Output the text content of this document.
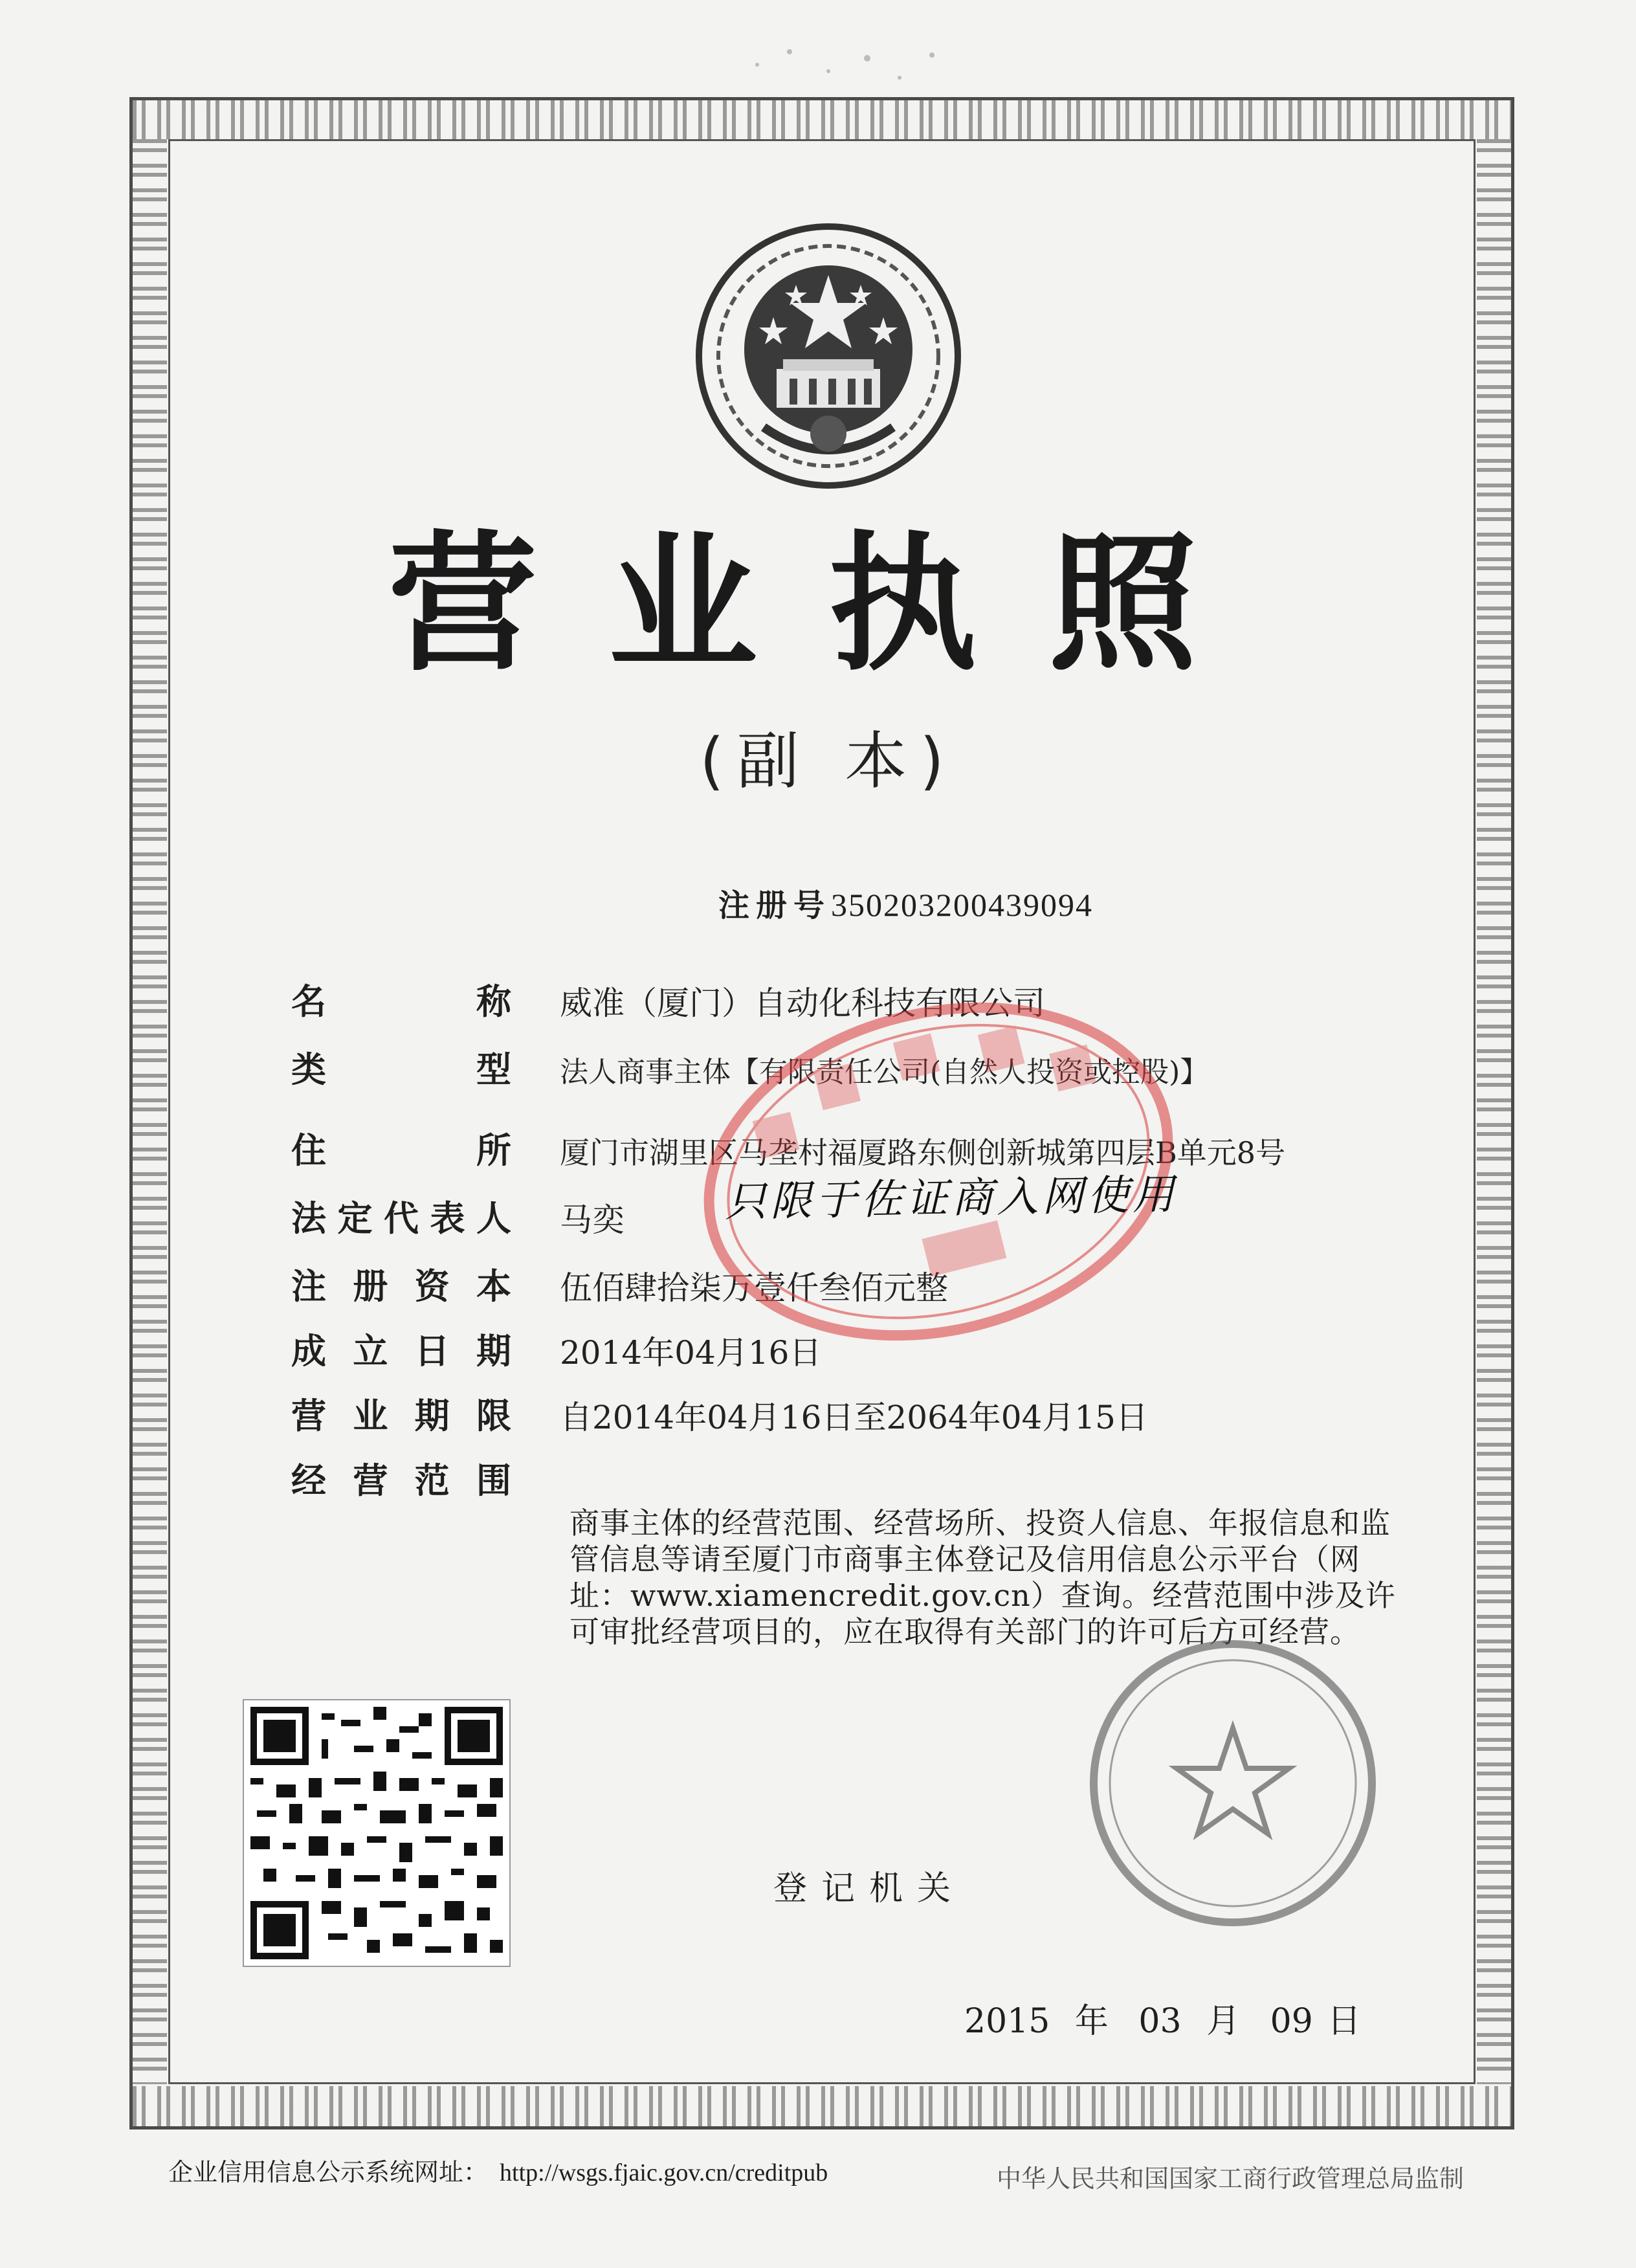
营业执照
(副 本)
注册号350203200439094
名称 威准（厦门）自动化科技有限公司
类型 法人商事主体【有限责任公司(自然人投资或控股)】
住所 厦门市湖里区马垄村福厦路东侧创新城第四层B单元8号
法定代表人 马奕
注册资本 伍佰肆拾柒万壹仟叁佰元整
成立日期 2014年04月16日
营业期限 自2014年04月16日至2064年04月15日
经营范围
商事主体的经营范围、经营场所、投资人信息、年报信息和监管信息等请至厦门市商事主体登记及信用信息公示平台（网址：www.xiamencredit.gov.cn）查询。经营范围中涉及许可审批经营项目的，应在取得有关部门的许可后方可经营。
只限于佐证商入网使用
登记机关
2015 年 03 月 09 日
企业信用信息公示系统网址： http://wsgs.fjaic.gov.cn/creditpub	中华人民共和国国家工商行政管理总局监制
